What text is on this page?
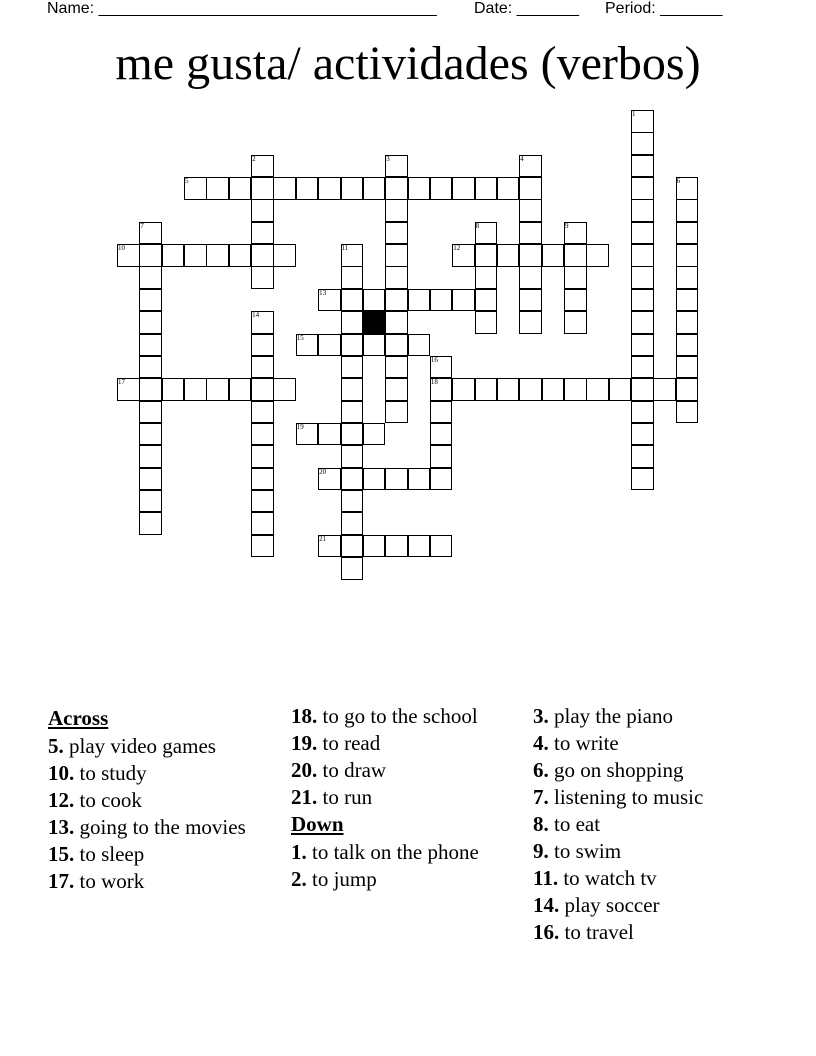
Name: ______________________________________ Date: _______ Period: _______
me gusta/ actividades (verbos)
1
2	3	4
5	6
7	8	9
10	11	12
13
14
15
16
17	18
19
20
21
Across
5. play video games
10. to study
12. to cook
13. going to the movies
15. to sleep
17. to work
18. to go to the school
19. to read
20. to draw
21. to run
Down
1. to talk on the phone
2. to jump
3. play the piano
4. to write
6. go on shopping
7. listening to music
8. to eat
9. to swim
11. to watch tv
14. play soccer
16. to travel
